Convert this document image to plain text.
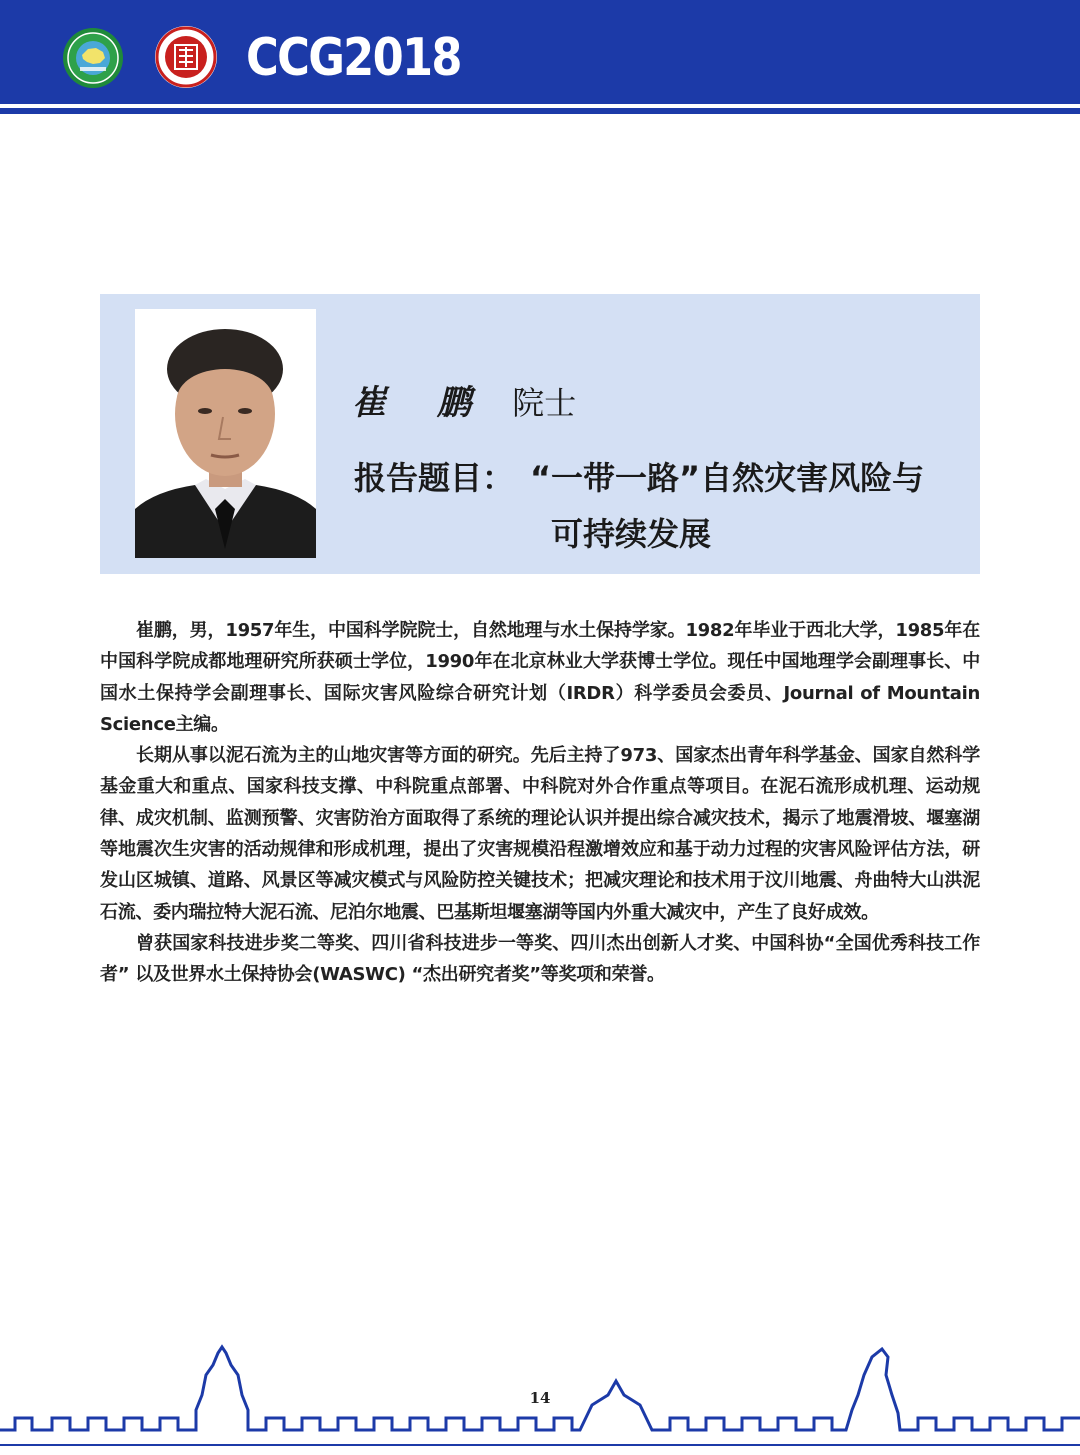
CCG2018
崔 鹏 院士
报告题目： “一带一路”自然灾害风险与
可持续发展

崔鹏，男，1957年生，中国科学院院士，自然地理与水土保持学家。1982年毕业于西北大学，1985年在中国科学院成都地理研究所获硕士学位，1990年在北京林业大学获博士学位。现任中国地理学会副理事长、中国水土保持学会副理事长、国际灾害风险综合研究计划（IRDR）科学委员会委员、Journal of Mountain Science主编。

长期从事以泥石流为主的山地灾害等方面的研究。先后主持了973、国家杰出青年科学基金、国家自然科学基金重大和重点、国家科技支撑、中科院重点部署、中科院对外合作重点等项目。在泥石流形成机理、运动规律、成灾机制、监测预警、灾害防治方面取得了系统的理论认识并提出综合减灾技术，揭示了地震滑坡、堰塞湖等地震次生灾害的活动规律和形成机理，提出了灾害规模沿程激增效应和基于动力过程的灾害风险评估方法，研发山区城镇、道路、风景区等减灾模式与风险防控关键技术；把减灾理论和技术用于汶川地震、舟曲特大山洪泥石流、委内瑞拉特大泥石流、尼泊尔地震、巴基斯坦堰塞湖等国内外重大减灾中，产生了良好成效。

曾获国家科技进步奖二等奖、四川省科技进步一等奖、四川杰出创新人才奖、中国科协“全国优秀科技工作者” 以及世界水土保持协会(WASWC) “杰出研究者奖”等奖项和荣誉。

14
